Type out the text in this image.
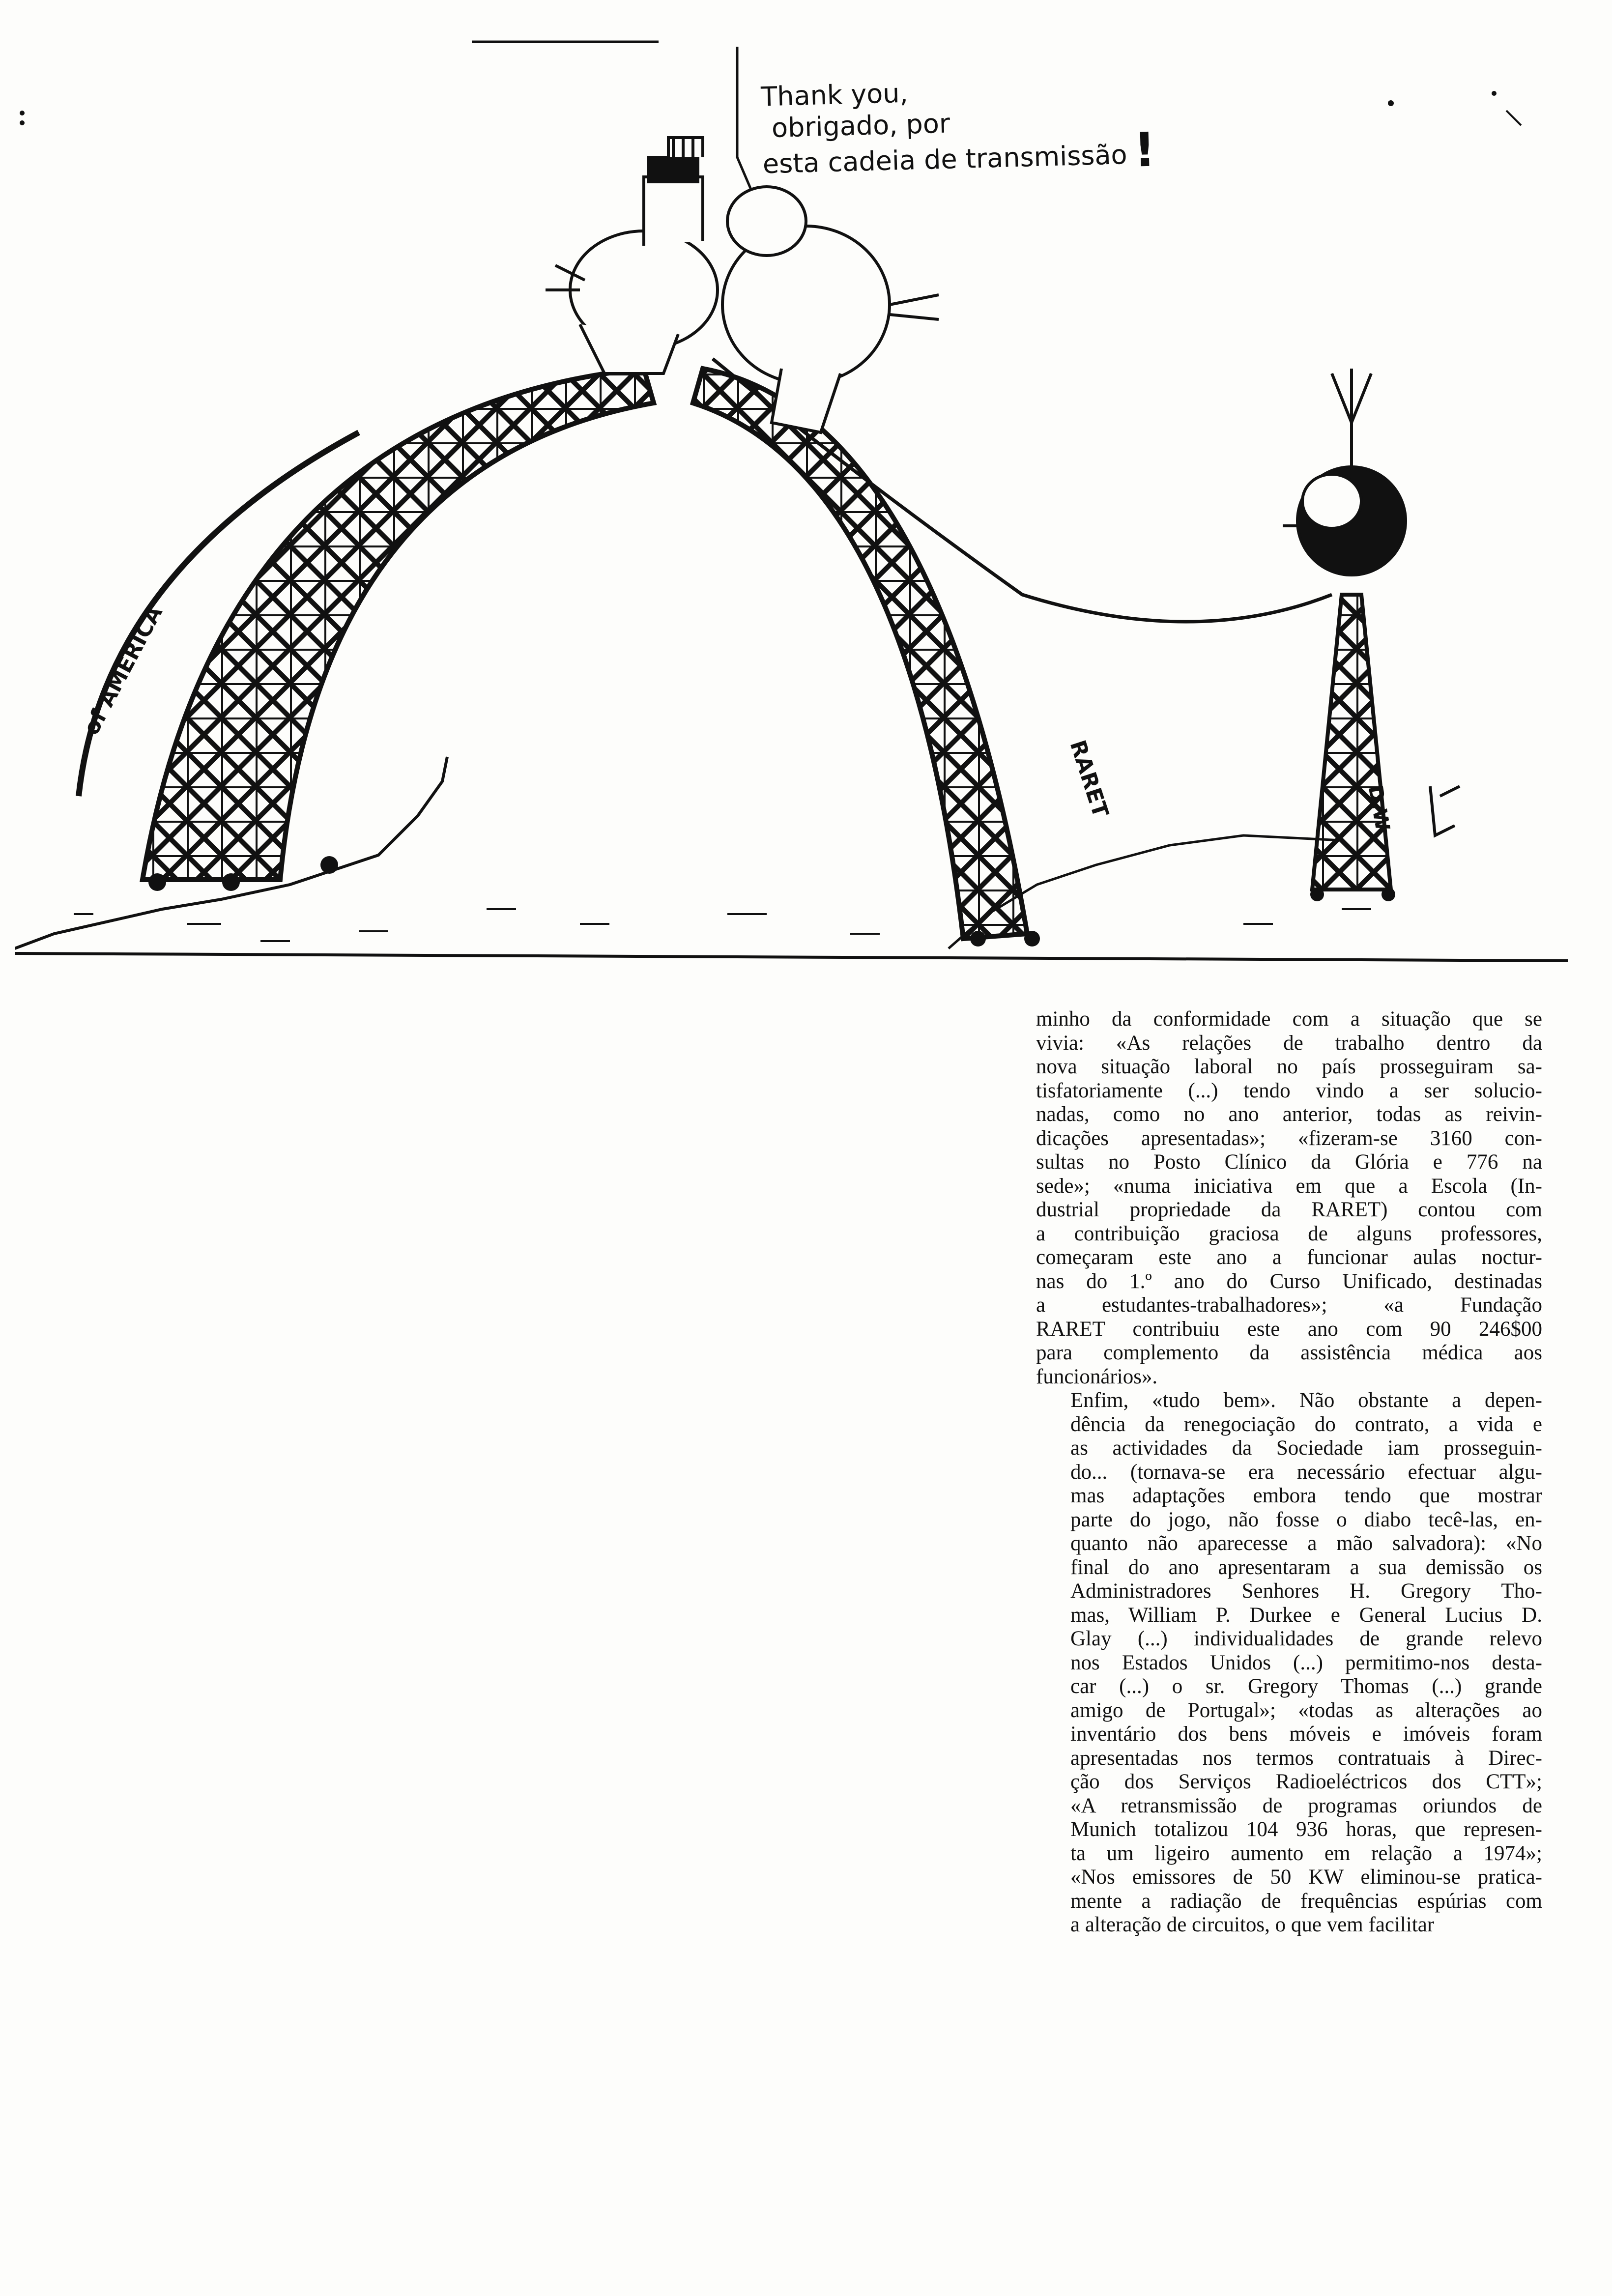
Thank you,
obrigado, por
esta cadeia de transmissão !
of AMERICA
RARET	D.W

minho da conformidade com a situação que se
vivia: «As relações de trabalho dentro da
nova situação laboral no país prosseguiram sa-
tisfatoriamente (...) tendo vindo a ser solucio-
nadas, como no ano anterior, todas as reivin-
dicações apresentadas»; «fizeram-se 3160 con-
sultas no Posto Clínico da Glória e 776 na
sede»; «numa iniciativa em que a Escola (In-
dustrial propriedade da RARET) contou com
a contribuição graciosa de alguns professores,
começaram este ano a funcionar aulas noctur-
nas do 1.º ano do Curso Unificado, destinadas
a estudantes-trabalhadores»; «a Fundação
RARET contribuiu este ano com 90 246$00
para complemento da assistência médica aos
funcionários».

Enfim, «tudo bem». Não obstante a depen-
dência da renegociação do contrato, a vida e
as actividades da Sociedade iam prosseguin-
do... (tornava-se era necessário efectuar algu-
mas adaptações embora tendo que mostrar
parte do jogo, não fosse o diabo tecê-las, en-
quanto não aparecesse a mão salvadora): «No
final do ano apresentaram a sua demissão os
Administradores Senhores H. Gregory Tho-
mas, William P. Durkee e General Lucius D.
Glay (...) individualidades de grande relevo
nos Estados Unidos (...) permitimo-nos desta-
car (...) o sr. Gregory Thomas (...) grande
amigo de Portugal»; «todas as alterações ao
inventário dos bens móveis e imóveis foram
apresentadas nos termos contratuais à Direc-
ção dos Serviços Radioeléctricos dos CTT»;
«A retransmissão de programas oriundos de
Munich totalizou 104 936 horas, que represen-
ta um ligeiro aumento em relação a 1974»;
«Nos emissores de 50 KW eliminou-se pratica-
mente a radiação de frequências espúrias com
a alteração de circuitos, o que vem facilitar
